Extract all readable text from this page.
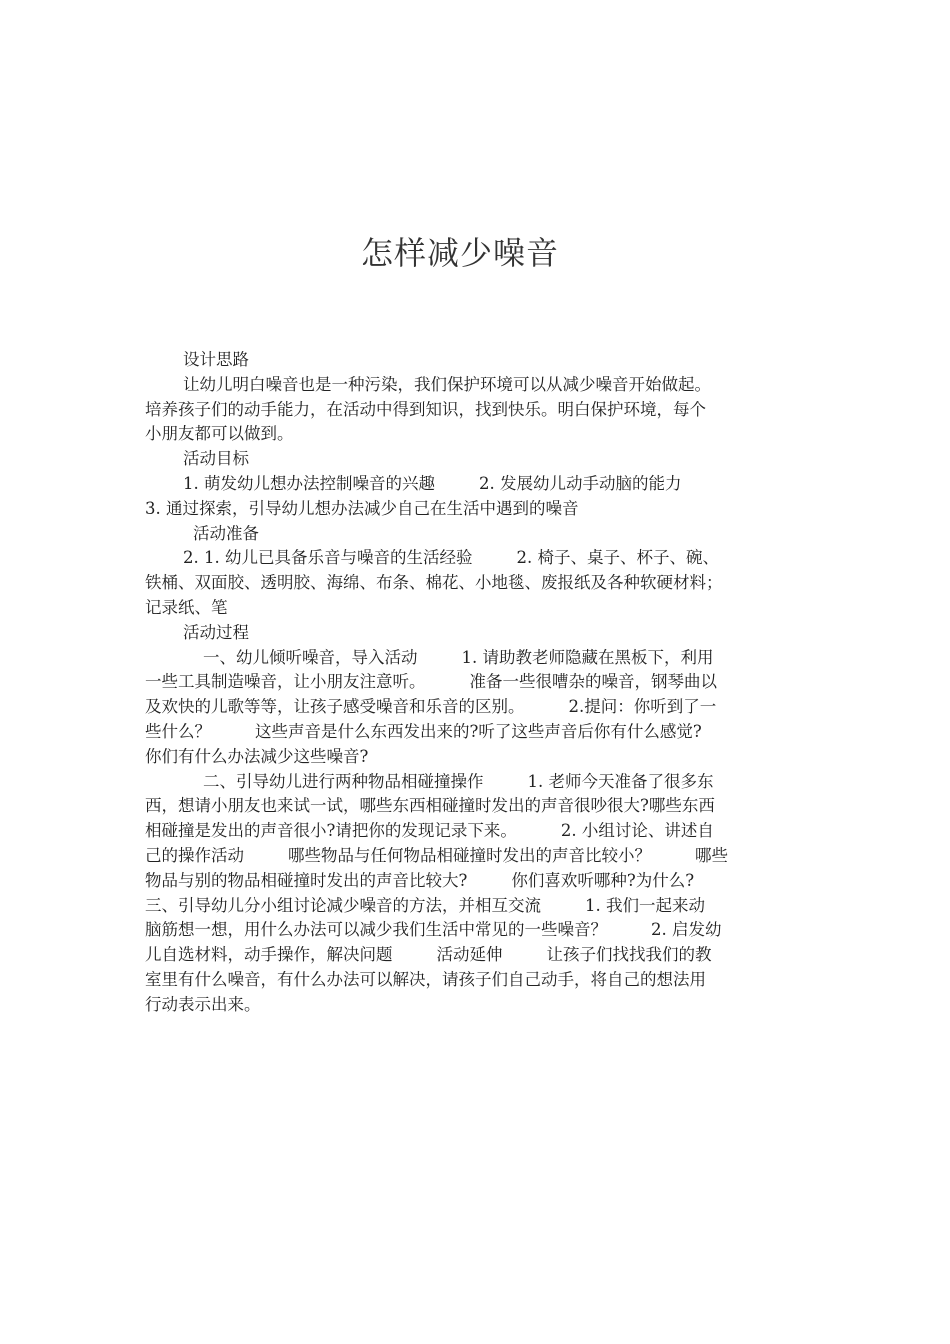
怎样减少噪音
设计思路
让幼儿明白噪音也是一种污染，我们保护环境可以从减少噪音开始做起。
培养孩子们的动手能力，在活动中得到知识，找到快乐。明白保护环境，每个
小朋友都可以做到。
活动目标
1. 萌发幼儿想办法控制噪音的兴趣	2. 发展幼儿动手动脑的能力
3. 通过探索，引导幼儿想办法减少自己在生活中遇到的噪音
活动准备
2. 1. 幼儿已具备乐音与噪音的生活经验	2. 椅子、桌子、杯子、碗、
铁桶、双面胶、透明胶、海绵、布条、棉花、小地毯、废报纸及各种软硬材料；
记录纸、笔
活动过程
一、幼儿倾听噪音，导入活动	1. 请助教老师隐藏在黑板下，利用
一些工具制造噪音，让小朋友注意听。	准备一些很嘈杂的噪音，钢琴曲以
及欢快的儿歌等等，让孩子感受噪音和乐音的区别。	2.提问：你听到了一
些什么？	这些声音是什么东西发出来的?听了这些声音后你有什么感觉?
你们有什么办法减少这些噪音?
二、引导幼儿进行两种物品相碰撞操作	1. 老师今天准备了很多东
西，想请小朋友也来试一试，哪些东西相碰撞时发出的声音很吵很大?哪些东西
相碰撞是发出的声音很小?请把你的发现记录下来。	2. 小组讨论、讲述自
己的操作活动	哪些物品与任何物品相碰撞时发出的声音比较小？	哪些
物品与别的物品相碰撞时发出的声音比较大?	你们喜欢听哪种?为什么?
三、引导幼儿分小组讨论减少噪音的方法，并相互交流	1. 我们一起来动
脑筋想一想，用什么办法可以减少我们生活中常见的一些噪音？	2. 启发幼
儿自选材料，动手操作，解决问题	活动延伸	让孩子们找找我们的教
室里有什么噪音，有什么办法可以解决，请孩子们自己动手，将自己的想法用
行动表示出来。
